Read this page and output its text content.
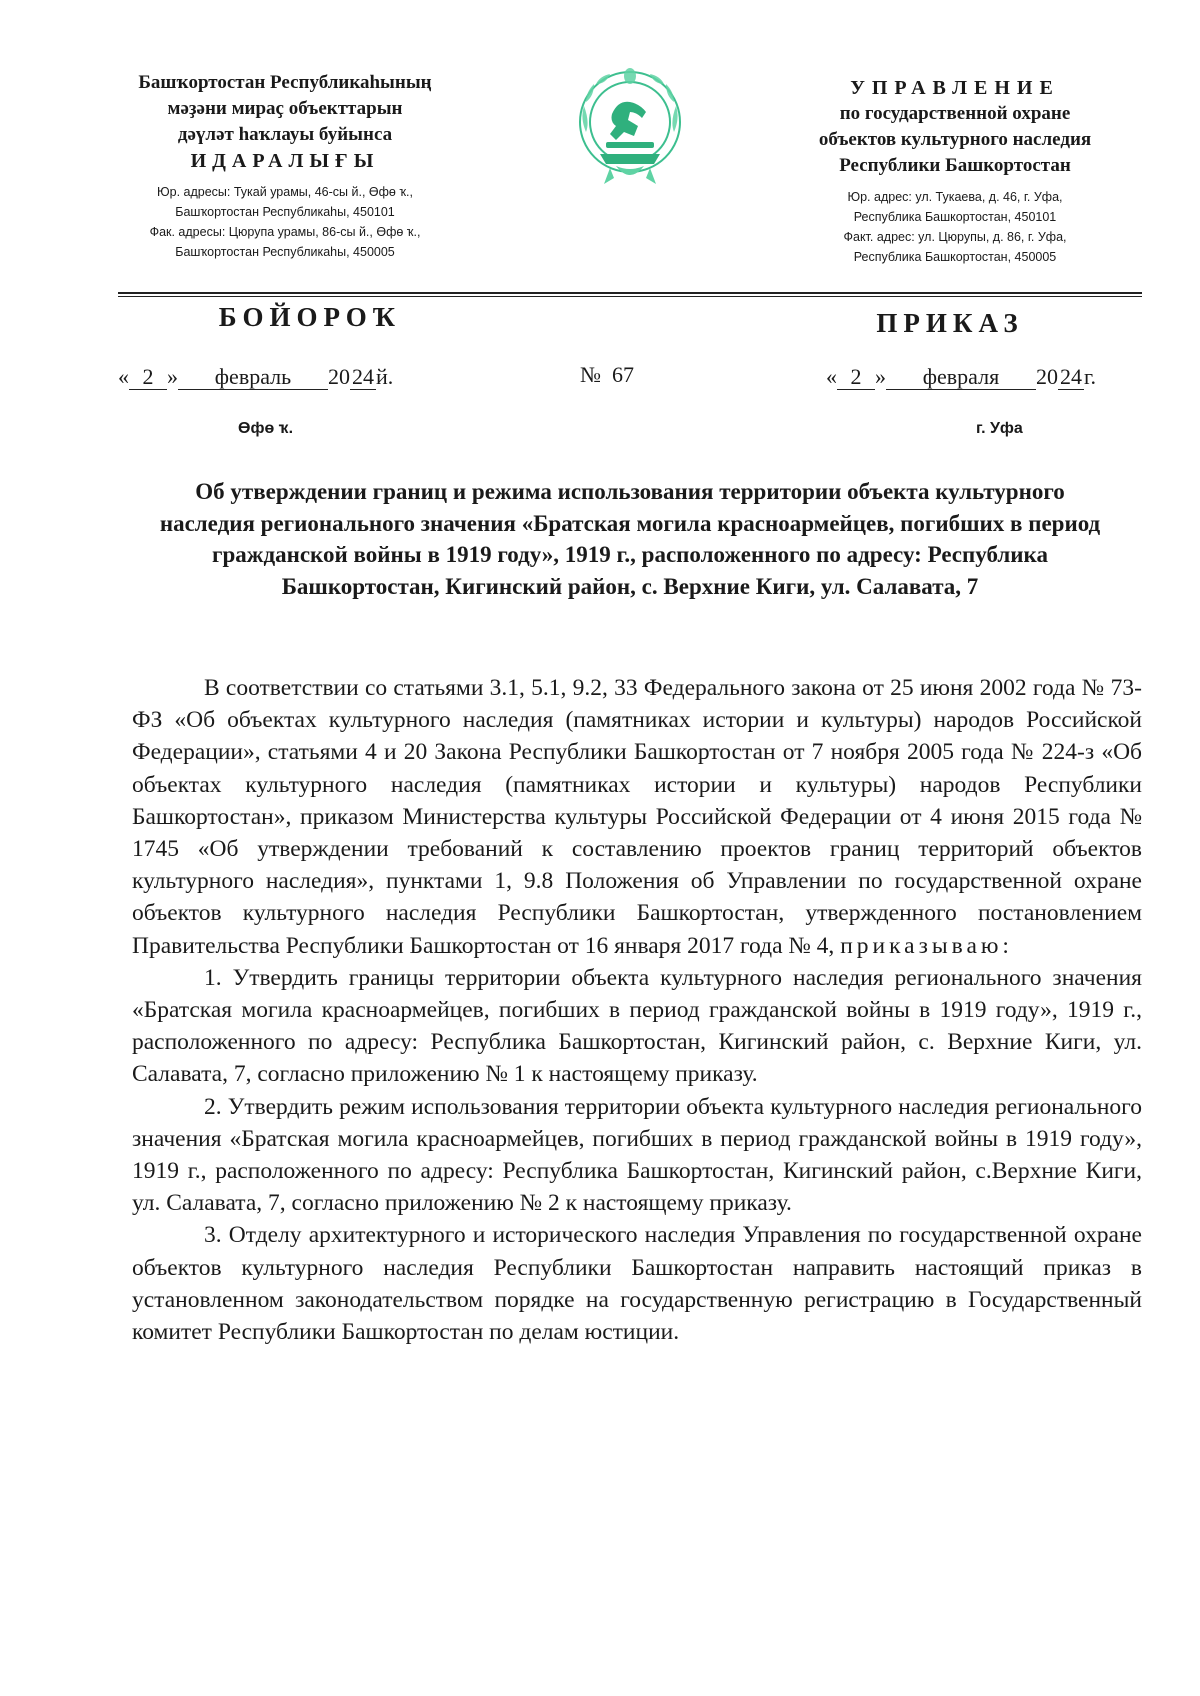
Башҡортостан Республикаһының
мәҙәни мираҫ объекттарын
дәүләт һаҡлауы буйынса
ИДАРАЛЫҒЫ
Юр. адресы: Тукай урамы, 46-сы й., Өфө ҡ.,
Башҡортостан Республикаһы, 450101
Фак. адресы: Цюрупа урамы, 86-сы й., Өфө ҡ.,
Башҡортостан Республикаһы, 450005
УПРАВЛЕНИЕ
по государственной охране
объектов культурного наследия
Республики Башкортостан
Юр. адрес: ул. Тукаева, д. 46, г. Уфа,
Республика Башкортостан, 450101
Факт. адрес: ул. Цюрупы, д. 86, г. Уфа,
Республика Башкортостан, 450005
БОЙОРОҠ	ПРИКАЗ
« 2 » февраль 2024й.	№ 67	« 2 » февраля 2024г.
Өфө ҡ.	г. Уфа
Об утверждении границ и режима использования территории объекта культурного наследия регионального значения «Братская могила красноармейцев, погибших в период гражданской войны в 1919 году», 1919 г., расположенного по адресу: Республика Башкортостан, Кигинский район, с. Верхние Киги, ул. Салавата, 7

В соответствии со статьями 3.1, 5.1, 9.2, 33 Федерального закона от 25 июня 2002 года № 73-ФЗ «Об объектах культурного наследия (памятниках истории и культуры) народов Российской Федерации», статьями 4 и 20 Закона Республики Башкортостан от 7 ноября 2005 года № 224-з «Об объектах культурного наследия (памятниках истории и культуры) народов Республики Башкортостан», приказом Министерства культуры Российской Федерации от 4 июня 2015 года № 1745 «Об утверждении требований к составлению проектов границ территорий объектов культурного наследия», пунктами 1, 9.8 Положения об Управлении по государственной охране объектов культурного наследия Республики Башкортостан, утвержденного постановлением Правительства Республики Башкортостан от 16 января 2017 года № 4, приказываю:

1. Утвердить границы территории объекта культурного наследия регионального значения «Братская могила красноармейцев, погибших в период гражданской войны в 1919 году», 1919 г., расположенного по адресу: Республика Башкортостан, Кигинский район, с. Верхние Киги, ул. Салавата, 7, согласно приложению № 1 к настоящему приказу.

2. Утвердить режим использования территории объекта культурного наследия регионального значения «Братская могила красноармейцев, погибших в период гражданской войны в 1919 году», 1919 г., расположенного по адресу: Республика Башкортостан, Кигинский район, с.Верхние Киги, ул. Салавата, 7, согласно приложению № 2 к настоящему приказу.

3. Отделу архитектурного и исторического наследия Управления по государственной охране объектов культурного наследия Республики Башкортостан направить настоящий приказ в установленном законодательством порядке на государственную регистрацию в Государственный комитет Республики Башкортостан по делам юстиции.
